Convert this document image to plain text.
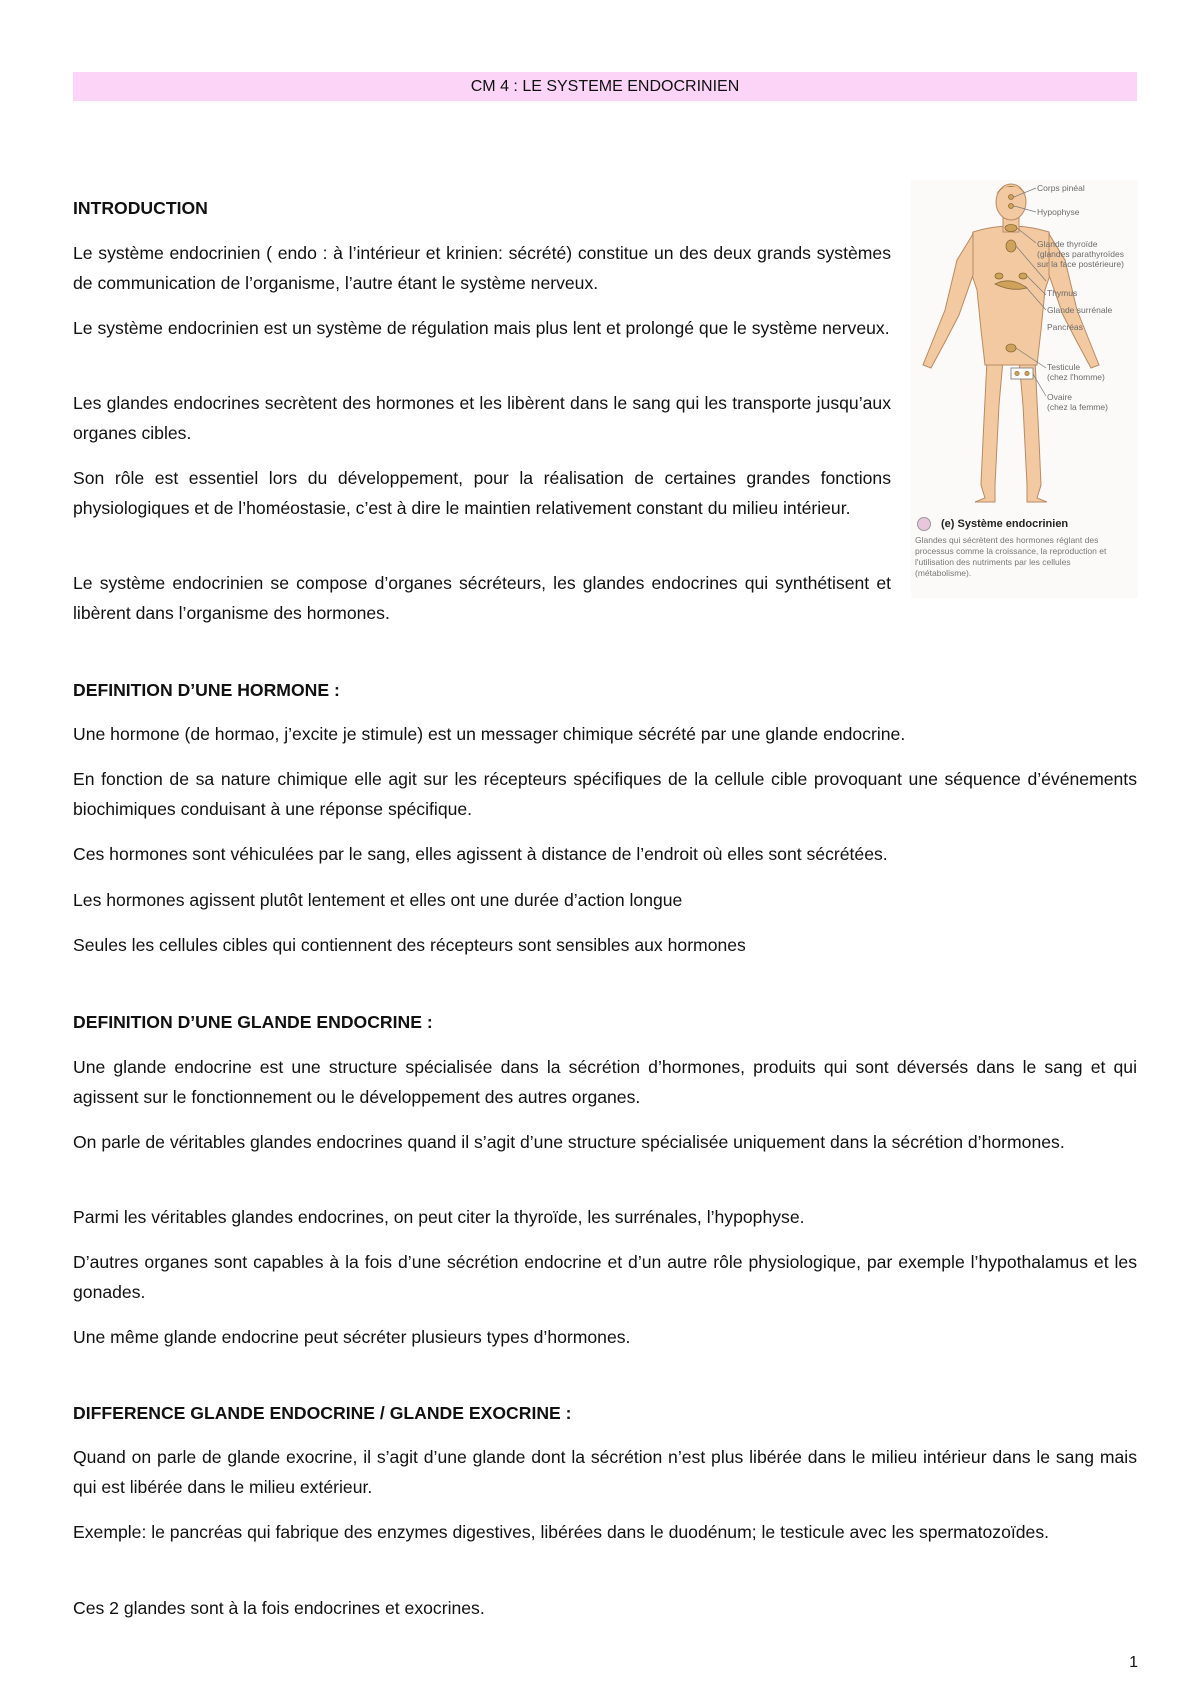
CM 4 : LE SYSTEME ENDOCRINIEN
Corps pinéal
Hypophyse
Glande thyroïde
(glandes parathyroïdes
sur la face postérieure)
Thymus
Glande surrénale
Pancréas
Testicule
(chez l'homme)
Ovaire
(chez la femme)
(e) Système endocrinien
Glandes qui sécrètent des hormones réglant des processus comme la croissance, la reproduction et l'utilisation des nutriments par les cellules (métabolisme).
INTRODUCTION

Le système endocrinien ( endo : à l’intérieur et krinien: sécrété) constitue un des deux grands systèmes de communication de l’organisme, l’autre étant le système nerveux.

Le système endocrinien est un système de régulation mais plus lent et prolongé que le système nerveux.

Les glandes endocrines secrètent des hormones et les libèrent dans le sang qui les transporte jusqu’aux organes cibles.

Son rôle est essentiel lors du développement, pour la réalisation de certaines grandes fonctions physiologiques et de l’homéostasie, c’est à dire le maintien relativement constant du milieu intérieur.

Le système endocrinien se compose d’organes sécréteurs, les glandes endocrines qui synthétisent et libèrent dans l’organisme des hormones.

DEFINITION D’UNE HORMONE :

Une hormone (de hormao, j’excite je stimule) est un messager chimique sécrété par une glande endocrine.

En fonction de sa nature chimique elle agit sur les récepteurs spécifiques de la cellule cible provoquant une séquence d’événements biochimiques conduisant à une réponse spécifique.

Ces hormones sont véhiculées par le sang, elles agissent à distance de l’endroit où elles sont sécrétées.

Les hormones agissent plutôt lentement et elles ont une durée d’action longue

Seules les cellules cibles qui contiennent des récepteurs sont sensibles aux hormones

DEFINITION D’UNE GLANDE ENDOCRINE :

Une glande endocrine est une structure spécialisée dans la sécrétion d’hormones, produits qui sont déversés dans le sang et qui agissent sur le fonctionnement ou le développement des autres organes.

On parle de véritables glandes endocrines quand il s’agit d’une structure spécialisée uniquement dans la sécrétion d’hormones.

Parmi les véritables glandes endocrines, on peut citer la thyroïde, les surrénales, l’hypophyse.

D’autres organes sont capables à la fois d’une sécrétion endocrine et d’un autre rôle physiologique, par exemple l’hypothalamus et les gonades.

Une même glande endocrine peut sécréter plusieurs types d’hormones.

DIFFERENCE GLANDE ENDOCRINE / GLANDE EXOCRINE :

Quand on parle de glande exocrine, il s’agit d’une glande dont la sécrétion n’est plus libérée dans le milieu intérieur dans le sang mais qui est libérée dans le milieu extérieur.

Exemple: le pancréas qui fabrique des enzymes digestives, libérées dans le duodénum; le testicule avec les spermatozoïdes.

Ces 2 glandes sont à la fois endocrines et exocrines.

1
